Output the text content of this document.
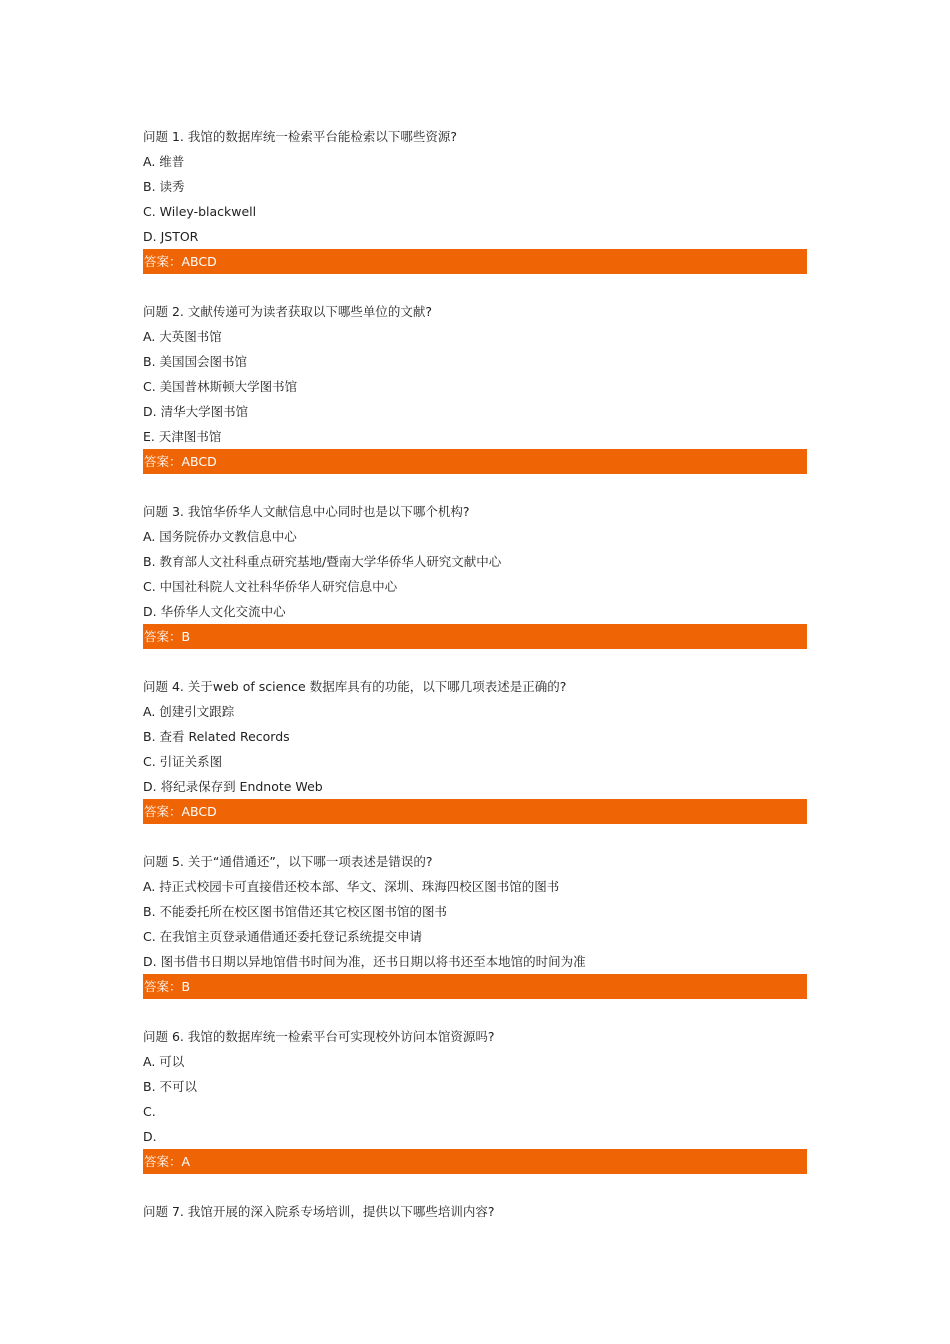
问题 1. 我馆的数据库统一检索平台能检索以下哪些资源?
A. 维普
B. 读秀
C. Wiley-blackwell
D. JSTOR
答案：ABCD
问题 2. 文献传递可为读者获取以下哪些单位的文献?
A. 大英图书馆
B. 美国国会图书馆
C. 美国普林斯顿大学图书馆
D. 清华大学图书馆
E. 天津图书馆
答案：ABCD
问题 3. 我馆华侨华人文献信息中心同时也是以下哪个机构?
A. 国务院侨办文教信息中心
B. 教育部人文社科重点研究基地/暨南大学华侨华人研究文献中心
C. 中国社科院人文社科华侨华人研究信息中心
D. 华侨华人文化交流中心
答案：B
问题 4. 关于web of science 数据库具有的功能，以下哪几项表述是正确的?
A. 创建引文跟踪
B. 查看 Related Records
C. 引证关系图
D. 将纪录保存到 Endnote Web
答案：ABCD
问题 5. 关于“通借通还”，以下哪一项表述是错误的?
A. 持正式校园卡可直接借还校本部、华文、深圳、珠海四校区图书馆的图书
B. 不能委托所在校区图书馆借还其它校区图书馆的图书
C. 在我馆主页登录通借通还委托登记系统提交申请
D. 图书借书日期以异地馆借书时间为准，还书日期以将书还至本地馆的时间为准
答案：B
问题 6. 我馆的数据库统一检索平台可实现校外访问本馆资源吗?
A. 可以
B. 不可以
C.
D.
答案：A
问题 7. 我馆开展的深入院系专场培训，提供以下哪些培训内容?
